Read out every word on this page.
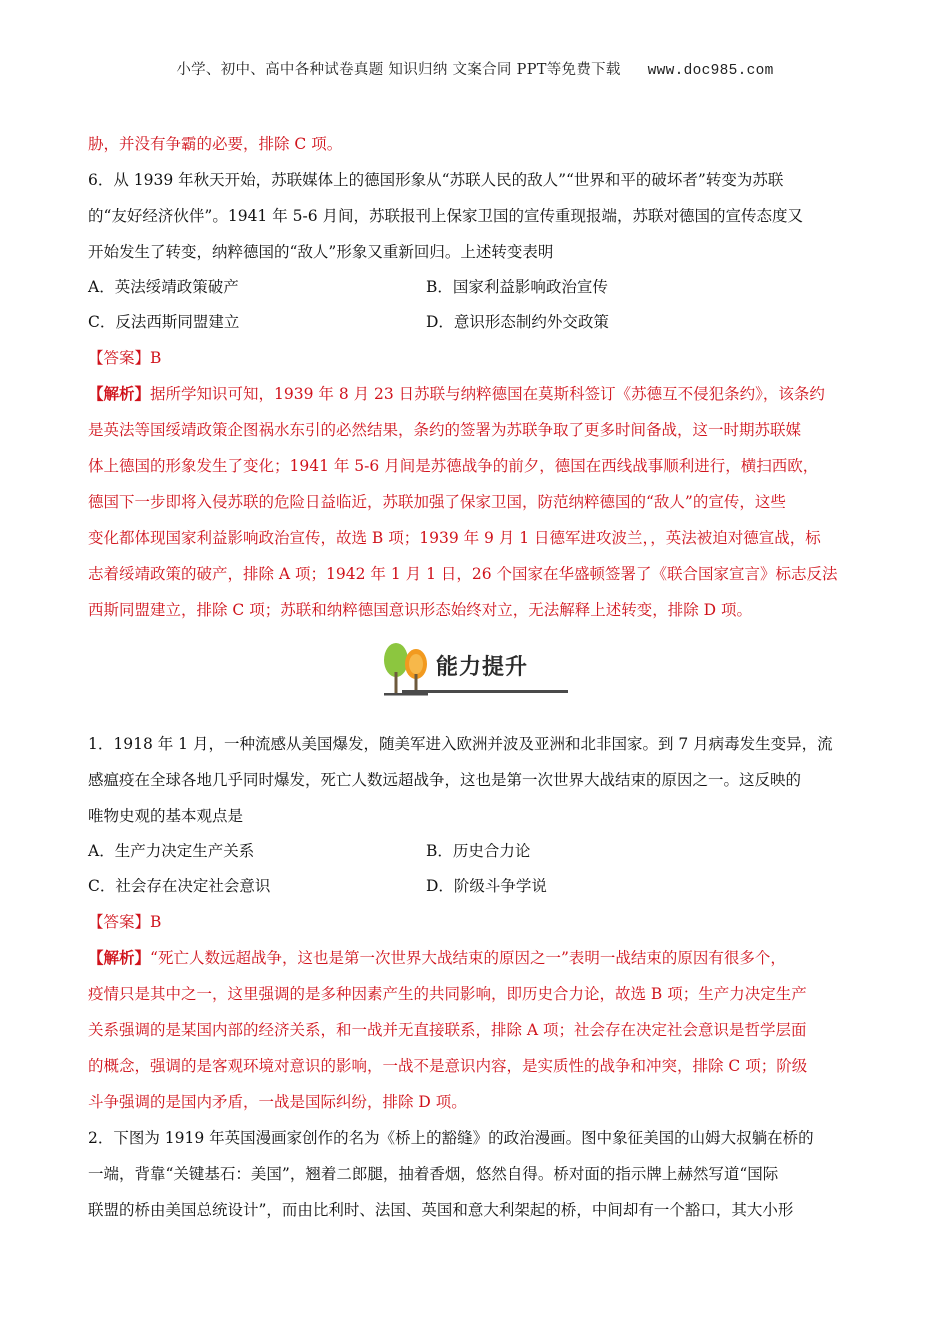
小学、初中、高中各种试卷真题 知识归纳 文案合同 PPT等免费下载 www.doc985.com
胁，并没有争霸的必要，排除 C 项。
6．从 1939 年秋天开始，苏联媒体上的德国形象从“苏联人民的敌人”“世界和平的破坏者”转变为苏联
的“友好经济伙伴”。1941 年 5-6 月间，苏联报刊上保家卫国的宣传重现报端，苏联对德国的宣传态度又
开始发生了转变，纳粹德国的“敌人”形象又重新回归。上述转变表明
A．英法绥靖政策破产	B．国家利益影响政治宣传
C．反法西斯同盟建立	D．意识形态制约外交政策
【答案】B
【解析】据所学知识可知，1939 年 8 月 23 日苏联与纳粹德国在莫斯科签订《苏德互不侵犯条约》，该条约
是英法等国绥靖政策企图祸水东引的必然结果，条约的签署为苏联争取了更多时间备战，这一时期苏联媒
体上德国的形象发生了变化；1941 年 5-6 月间是苏德战争的前夕，德国在西线战事顺利进行，横扫西欧，
德国下一步即将入侵苏联的危险日益临近，苏联加强了保家卫国，防范纳粹德国的“敌人”的宣传，这些
变化都体现国家利益影响政治宣传，故选 B 项；1939 年 9 月 1 日德军进攻波兰，，英法被迫对德宣战，标
志着绥靖政策的破产，排除 A 项；1942 年 1 月 1 日，26 个国家在华盛顿签署了《联合国家宣言》标志反法
西斯同盟建立，排除 C 项；苏联和纳粹德国意识形态始终对立，无法解释上述转变，排除 D 项。
能力提升
1．1918 年 1 月，一种流感从美国爆发，随美军进入欧洲并波及亚洲和北非国家。到 7 月病毒发生变异，流
感瘟疫在全球各地几乎同时爆发，死亡人数远超战争，这也是第一次世界大战结束的原因之一。这反映的
唯物史观的基本观点是
A．生产力决定生产关系	B．历史合力论
C．社会存在决定社会意识	D．阶级斗争学说
【答案】B
【解析】“死亡人数远超战争，这也是第一次世界大战结束的原因之一”表明一战结束的原因有很多个，
疫情只是其中之一，这里强调的是多种因素产生的共同影响，即历史合力论，故选 B 项；生产力决定生产
关系强调的是某国内部的经济关系，和一战并无直接联系，排除 A 项；社会存在决定社会意识是哲学层面
的概念，强调的是客观环境对意识的影响，一战不是意识内容，是实质性的战争和冲突，排除 C 项；阶级
斗争强调的是国内矛盾，一战是国际纠纷，排除 D 项。
2．下图为 1919 年英国漫画家创作的名为《桥上的豁缝》的政治漫画。图中象征美国的山姆大叔躺在桥的
一端，背靠“关键基石：美国”，翘着二郎腿，抽着香烟，悠然自得。桥对面的指示牌上赫然写道“国际
联盟的桥由美国总统设计”，而由比利时、法国、英国和意大利架起的桥，中间却有一个豁口，其大小形
